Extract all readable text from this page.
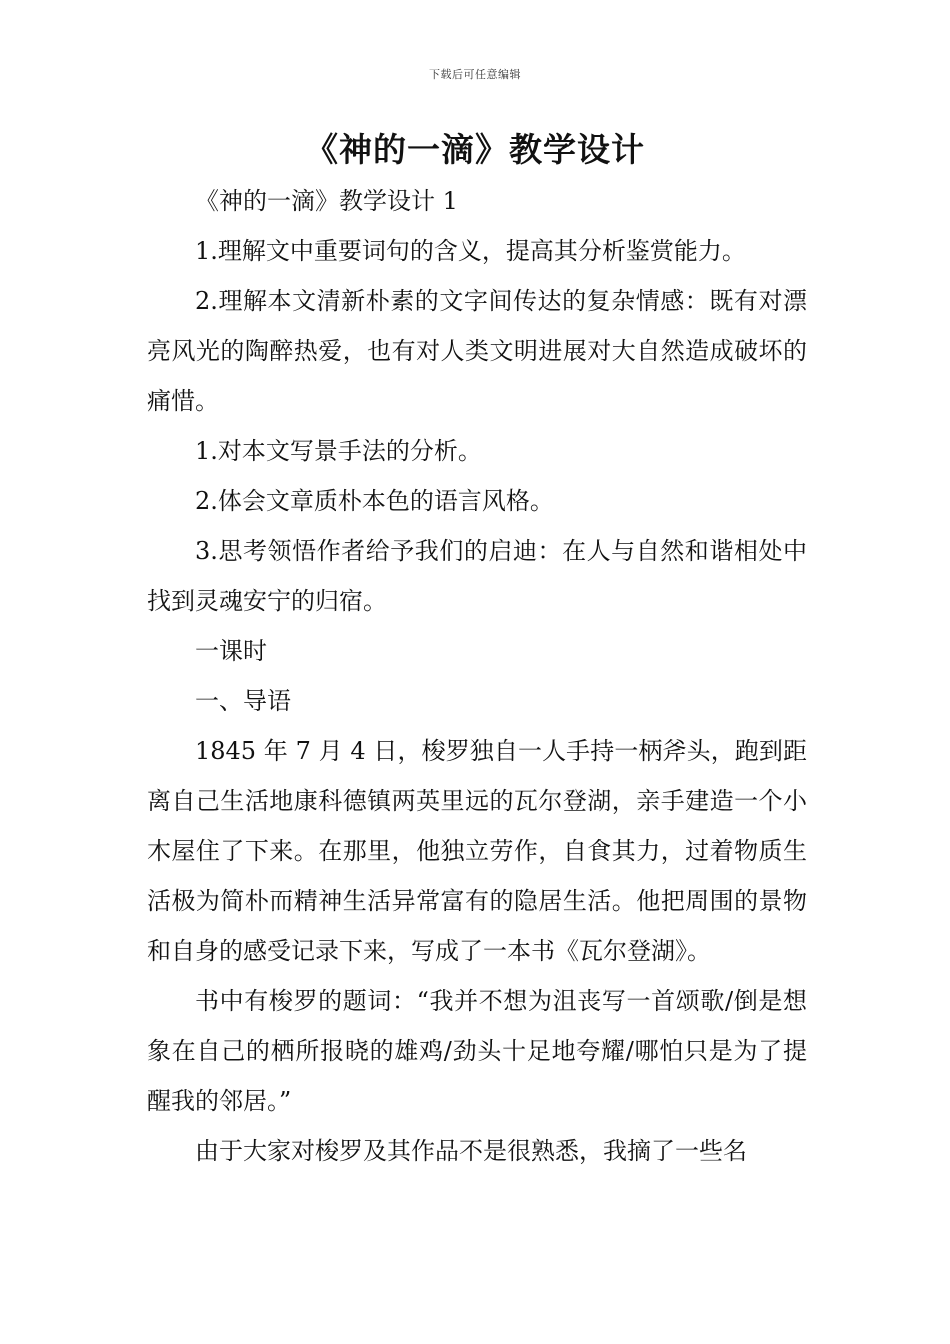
下载后可任意编辑
《神的一滴》教学设计

《神的一滴》教学设计 1

1.理解文中重要词句的含义，提高其分析鉴赏能力。

2.理解本文清新朴素的文字间传达的复杂情感：既有对漂亮风光的陶醉热爱，也有对人类文明进展对大自然造成破坏的痛惜。

1.对本文写景手法的分析。

2.体会文章质朴本色的语言风格。

3.思考领悟作者给予我们的启迪：在人与自然和谐相处中找到灵魂安宁的归宿。

一课时

一、导语

1845 年 7 月 4 日，梭罗独自一人手持一柄斧头，跑到距离自己生活地康科德镇两英里远的瓦尔登湖，亲手建造一个小木屋住了下来。在那里，他独立劳作，自食其力，过着物质生活极为简朴而精神生活异常富有的隐居生活。他把周围的景物和自身的感受记录下来，写成了一本书《瓦尔登湖》。

书中有梭罗的题词：“我并不想为沮丧写一首颂歌/倒是想象在自己的栖所报晓的雄鸡/劲头十足地夸耀/哪怕只是为了提醒我的邻居。”

由于大家对梭罗及其作品不是很熟悉，我摘了一些名
